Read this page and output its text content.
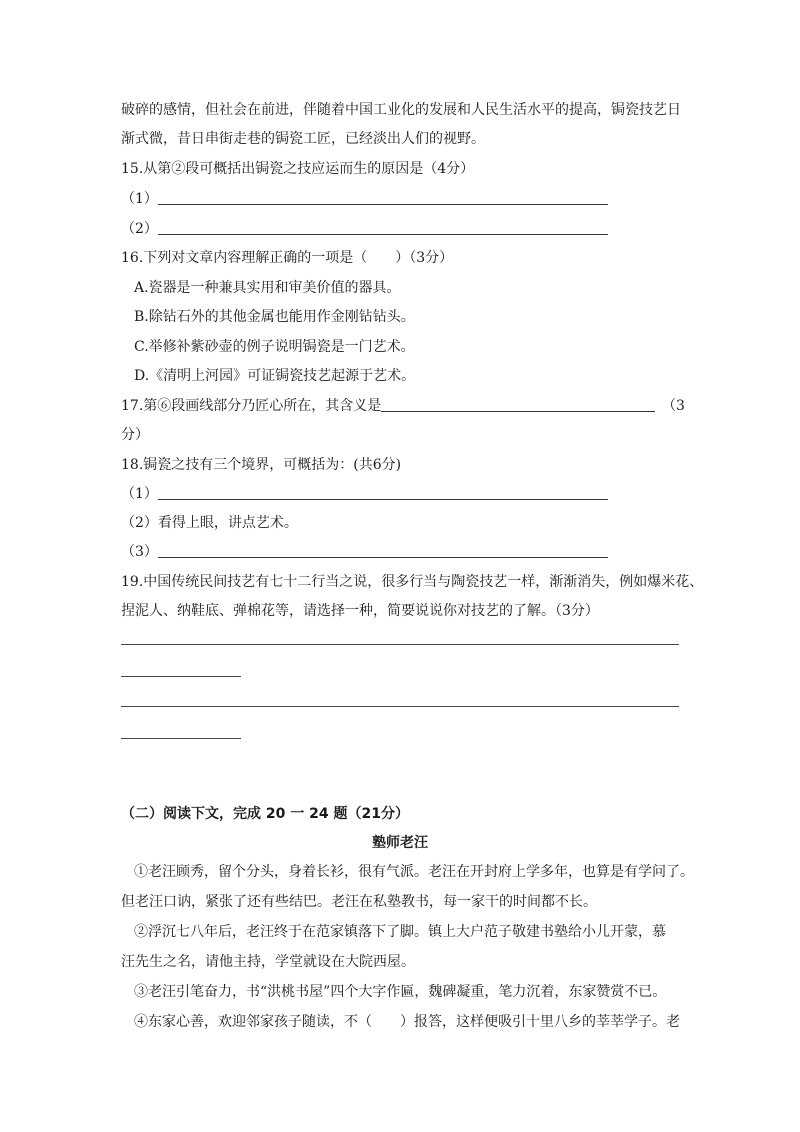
破碎的感情，但社会在前进，伴随着中国工业化的发展和人民生活水平的提高，锔瓷技艺日
渐式微，昔日串街走巷的锔瓷工匠，已经淡出人们的视野。
15.从第②段可概括出锔瓷之技应运而生的原因是（4分）
（1）
（2）
16.下列对文章内容理解正确的一项是（　　）（3分）
A.瓷器是一种兼具实用和审美价值的器具。
B.除钻石外的其他金属也能用作金刚钻钻头。
C.举修补紫砂壶的例子说明锔瓷是一门艺术。
D.《清明上河园》可证锔瓷技艺起源于艺术。
17.第⑥段画线部分乃匠心所在，其含义是	（3
分）
18.锔瓷之技有三个境界，可概括为：(共6分)
（1）
（2）看得上眼，讲点艺术。
（3）
19.中国传统民间技艺有七十二行当之说，很多行当与陶瓷技艺一样，渐渐消失，例如爆米花、
捏泥人、纳鞋底、弹棉花等，请选择一种，简要说说你对技艺的了解。（3分）
（二）阅读下文，完成 20 一 24 题（21分）
塾师老汪
①老汪顾秀，留个分头，身着长衫，很有气派。老汪在开封府上学多年，也算是有学问了。
但老汪口讷，紧张了还有些结巴。老汪在私塾教书，每一家干的时间都不长。
②浮沉七八年后，老汪终于在范家镇落下了脚。镇上大户范子敬建书塾给小儿开蒙，慕
汪先生之名，请他主持，学堂就设在大院西屋。
③老汪引笔奋力，书“洪桃书屋”四个大字作匾，魏碑凝重，笔力沉着，东家赞赏不已。
④东家心善，欢迎邻家孩子随读，不（　　）报答，这样便吸引十里八乡的莘莘学子。老
